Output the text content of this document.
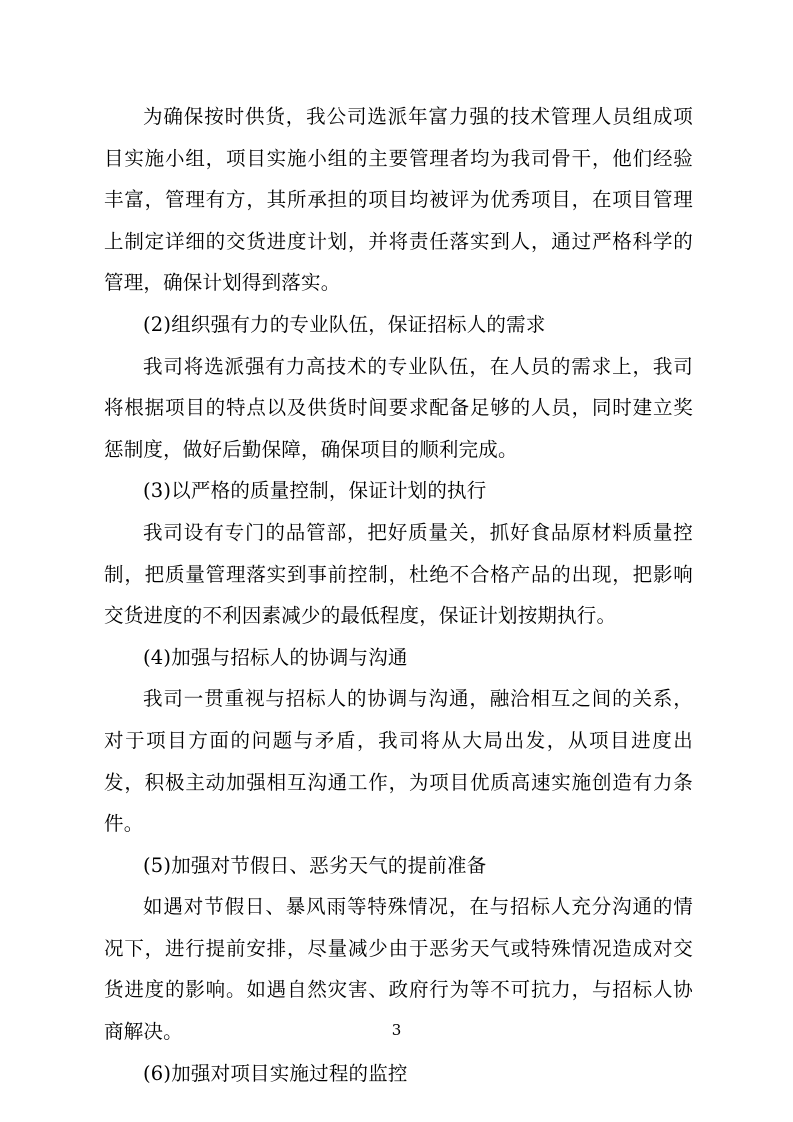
为确保按时供货，我公司选派年富力强的技术管理人员组成项目实施小组，项目实施小组的主要管理者均为我司骨干，他们经验丰富，管理有方，其所承担的项目均被评为优秀项目，在项目管理上制定详细的交货进度计划，并将责任落实到人，通过严格科学的管理，确保计划得到落实。

(2)组织强有力的专业队伍，保证招标人的需求

我司将选派强有力高技术的专业队伍，在人员的需求上，我司将根据项目的特点以及供货时间要求配备足够的人员，同时建立奖惩制度，做好后勤保障，确保项目的顺利完成。

(3)以严格的质量控制，保证计划的执行

我司设有专门的品管部，把好质量关，抓好食品原材料质量控制，把质量管理落实到事前控制，杜绝不合格产品的出现，把影响交货进度的不利因素减少的最低程度，保证计划按期执行。

(4)加强与招标人的协调与沟通

我司一贯重视与招标人的协调与沟通，融洽相互之间的关系，对于项目方面的问题与矛盾，我司将从大局出发，从项目进度出发，积极主动加强相互沟通工作，为项目优质高速实施创造有力条件。

(5)加强对节假日、恶劣天气的提前准备

如遇对节假日、暴风雨等特殊情况，在与招标人充分沟通的情况下，进行提前安排，尽量减少由于恶劣天气或特殊情况造成对交货进度的影响。如遇自然灾害、政府行为等不可抗力，与招标人协商解决。

(6)加强对项目实施过程的监控

3
